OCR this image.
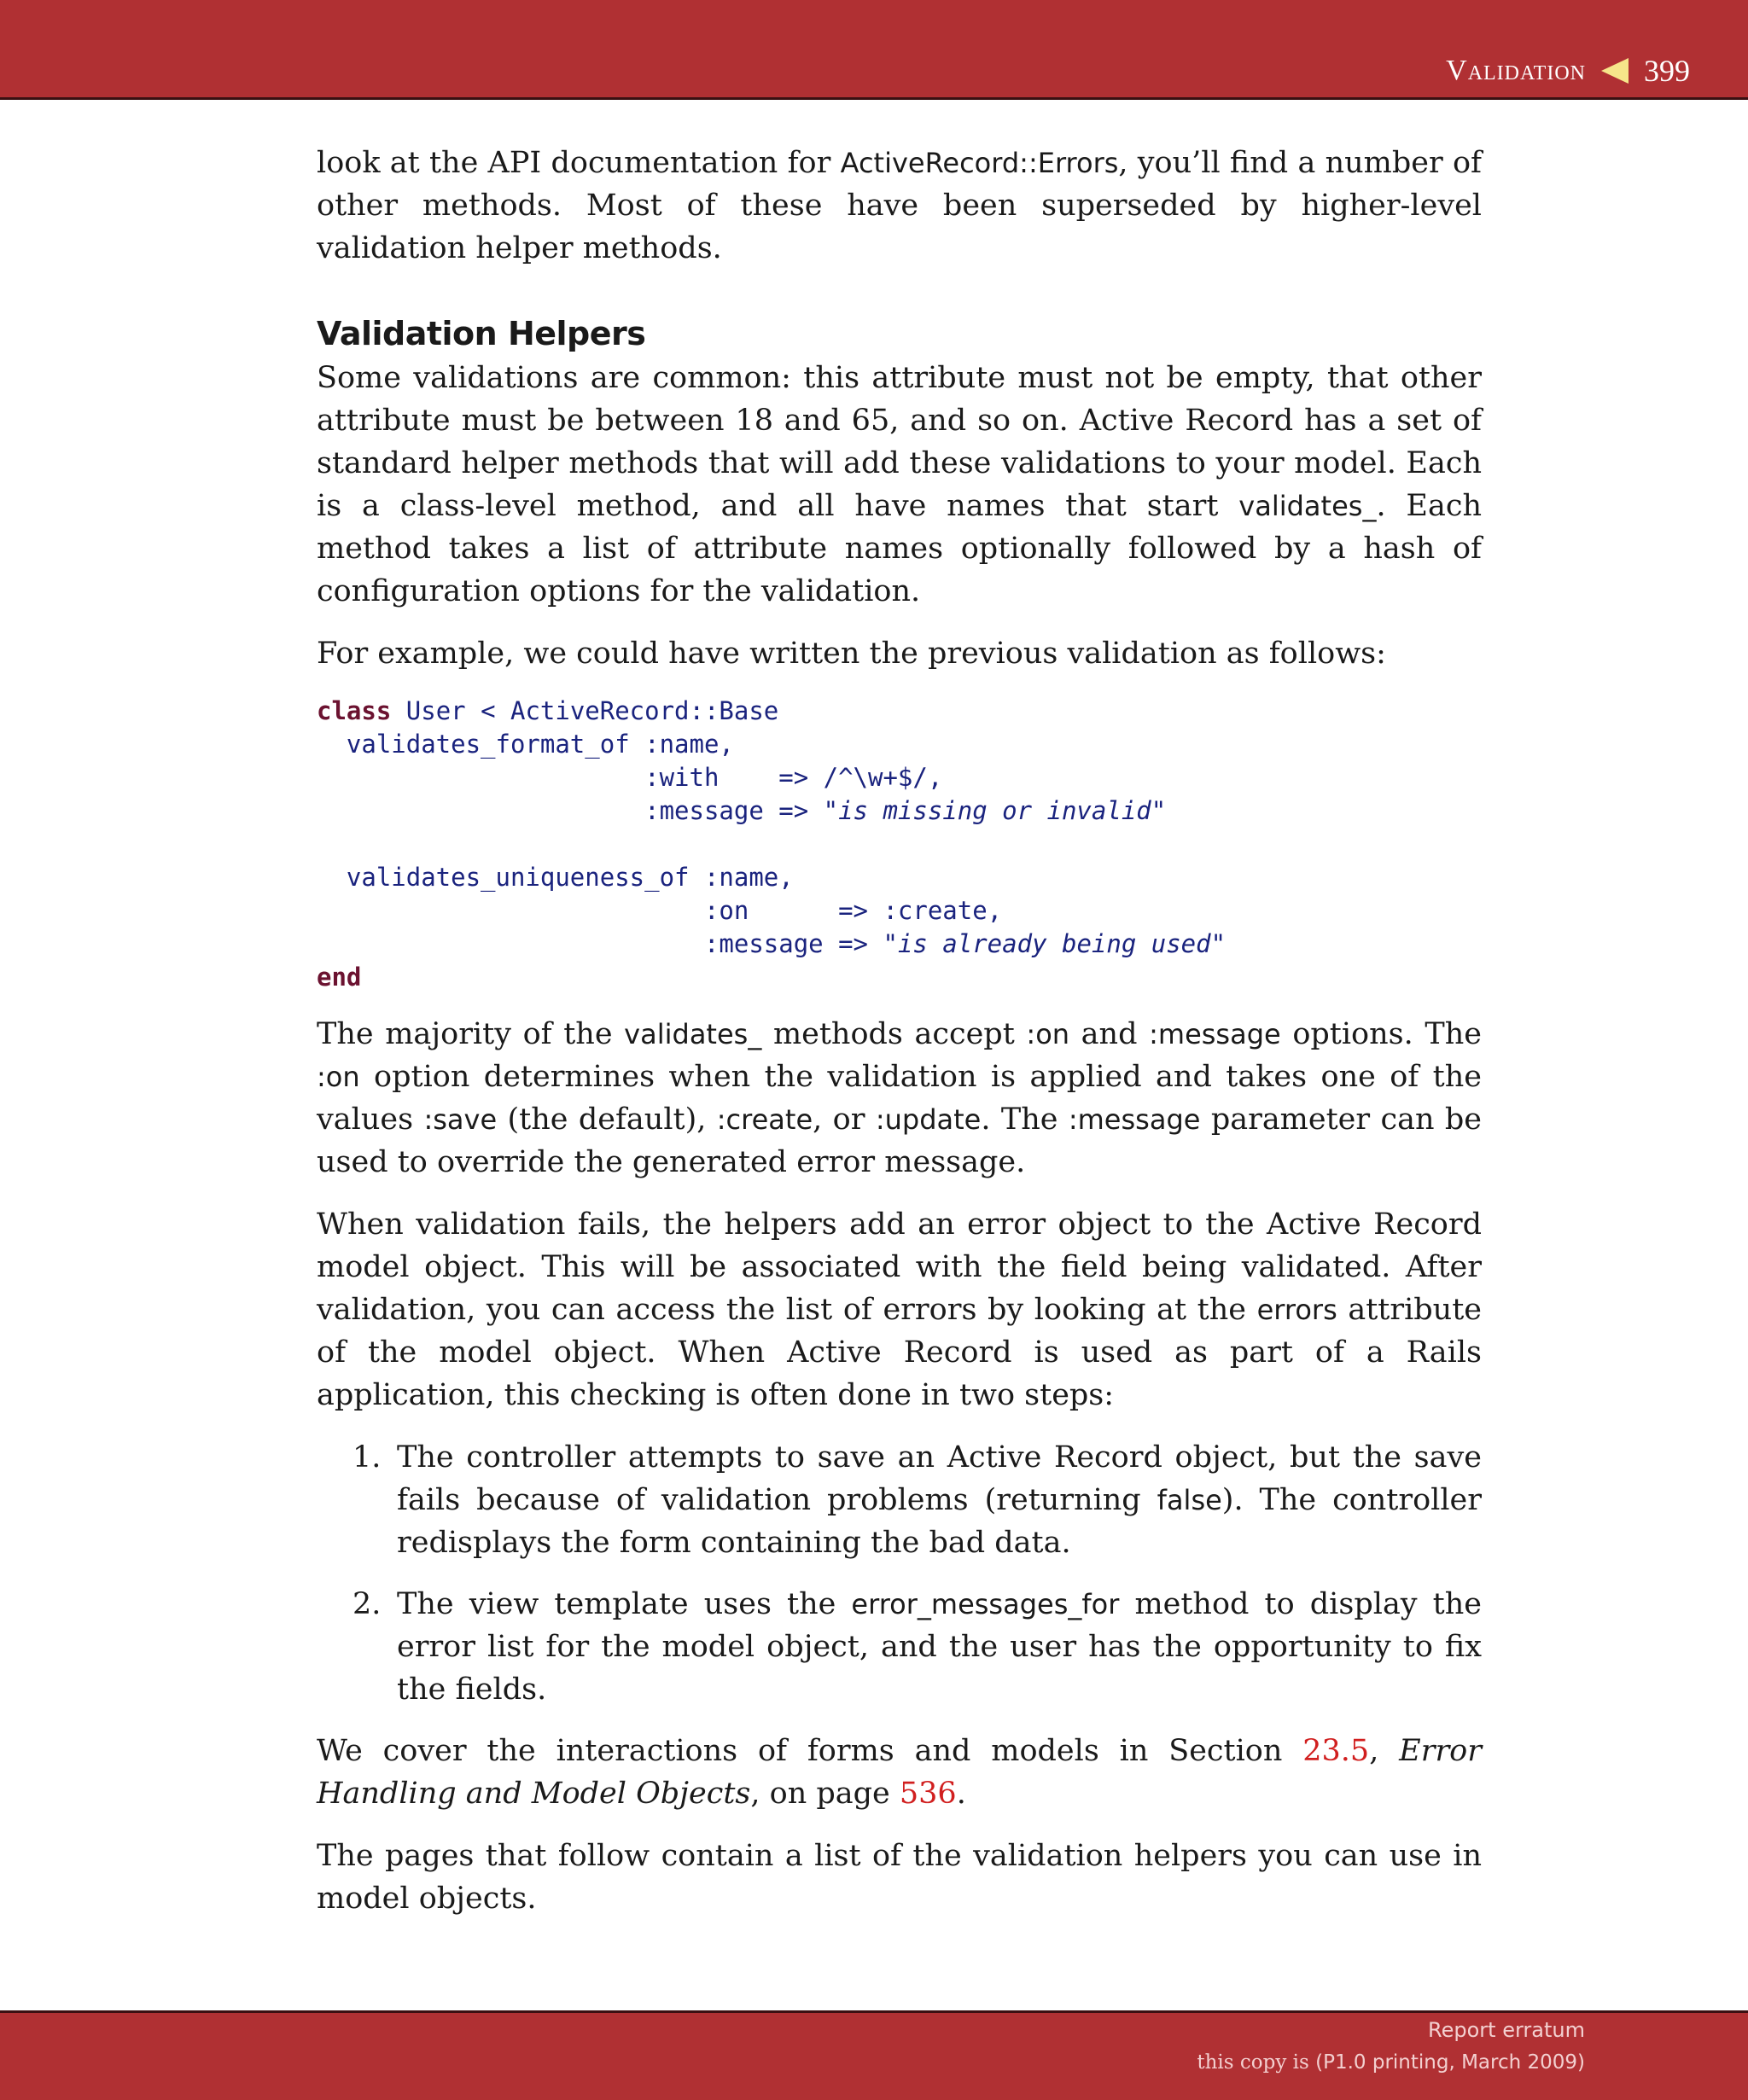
Validation 399

look at the API documentation for ActiveRecord::Errors, you’ll find a number of other methods. Most of these have been superseded by higher-level validation helper methods.

Validation Helpers

Some validations are common: this attribute must not be empty, that other attribute must be between 18 and 65, and so on. Active Record has a set of standard helper methods that will add these validations to your model. Each is a class-level method, and all have names that start validates_. Each method takes a list of attribute names optionally followed by a hash of configuration options for the validation.

For example, we could have written the previous validation as follows:

class User < ActiveRecord::Base
validates_format_of :name,
:with    => /^\w+$/,
:message => "is missing or invalid"

validates_uniqueness_of :name,
:on      => :create,
:message => "is already being used"
end

The majority of the validates_ methods accept :on and :message options. The :on option determines when the validation is applied and takes one of the values :save (the default), :create, or :update. The :message parameter can be used to override the generated error message.

When validation fails, the helpers add an error object to the Active Record model object. This will be associated with the field being validated. After validation, you can access the list of errors by looking at the errors attribute of the model object. When Active Record is used as part of a Rails application, this checking is often done in two steps:

1. The controller attempts to save an Active Record object, but the save fails because of validation problems (returning false). The controller redisplays the form containing the bad data.
2. The view template uses the error_messages_for method to display the error list for the model object, and the user has the opportunity to fix the fields.

We cover the interactions of forms and models in Section 23.5, Error Handling and Model Objects, on page 536.

The pages that follow contain a list of the validation helpers you can use in model objects.

Report erratum
this copy is (P1.0 printing, March 2009)
